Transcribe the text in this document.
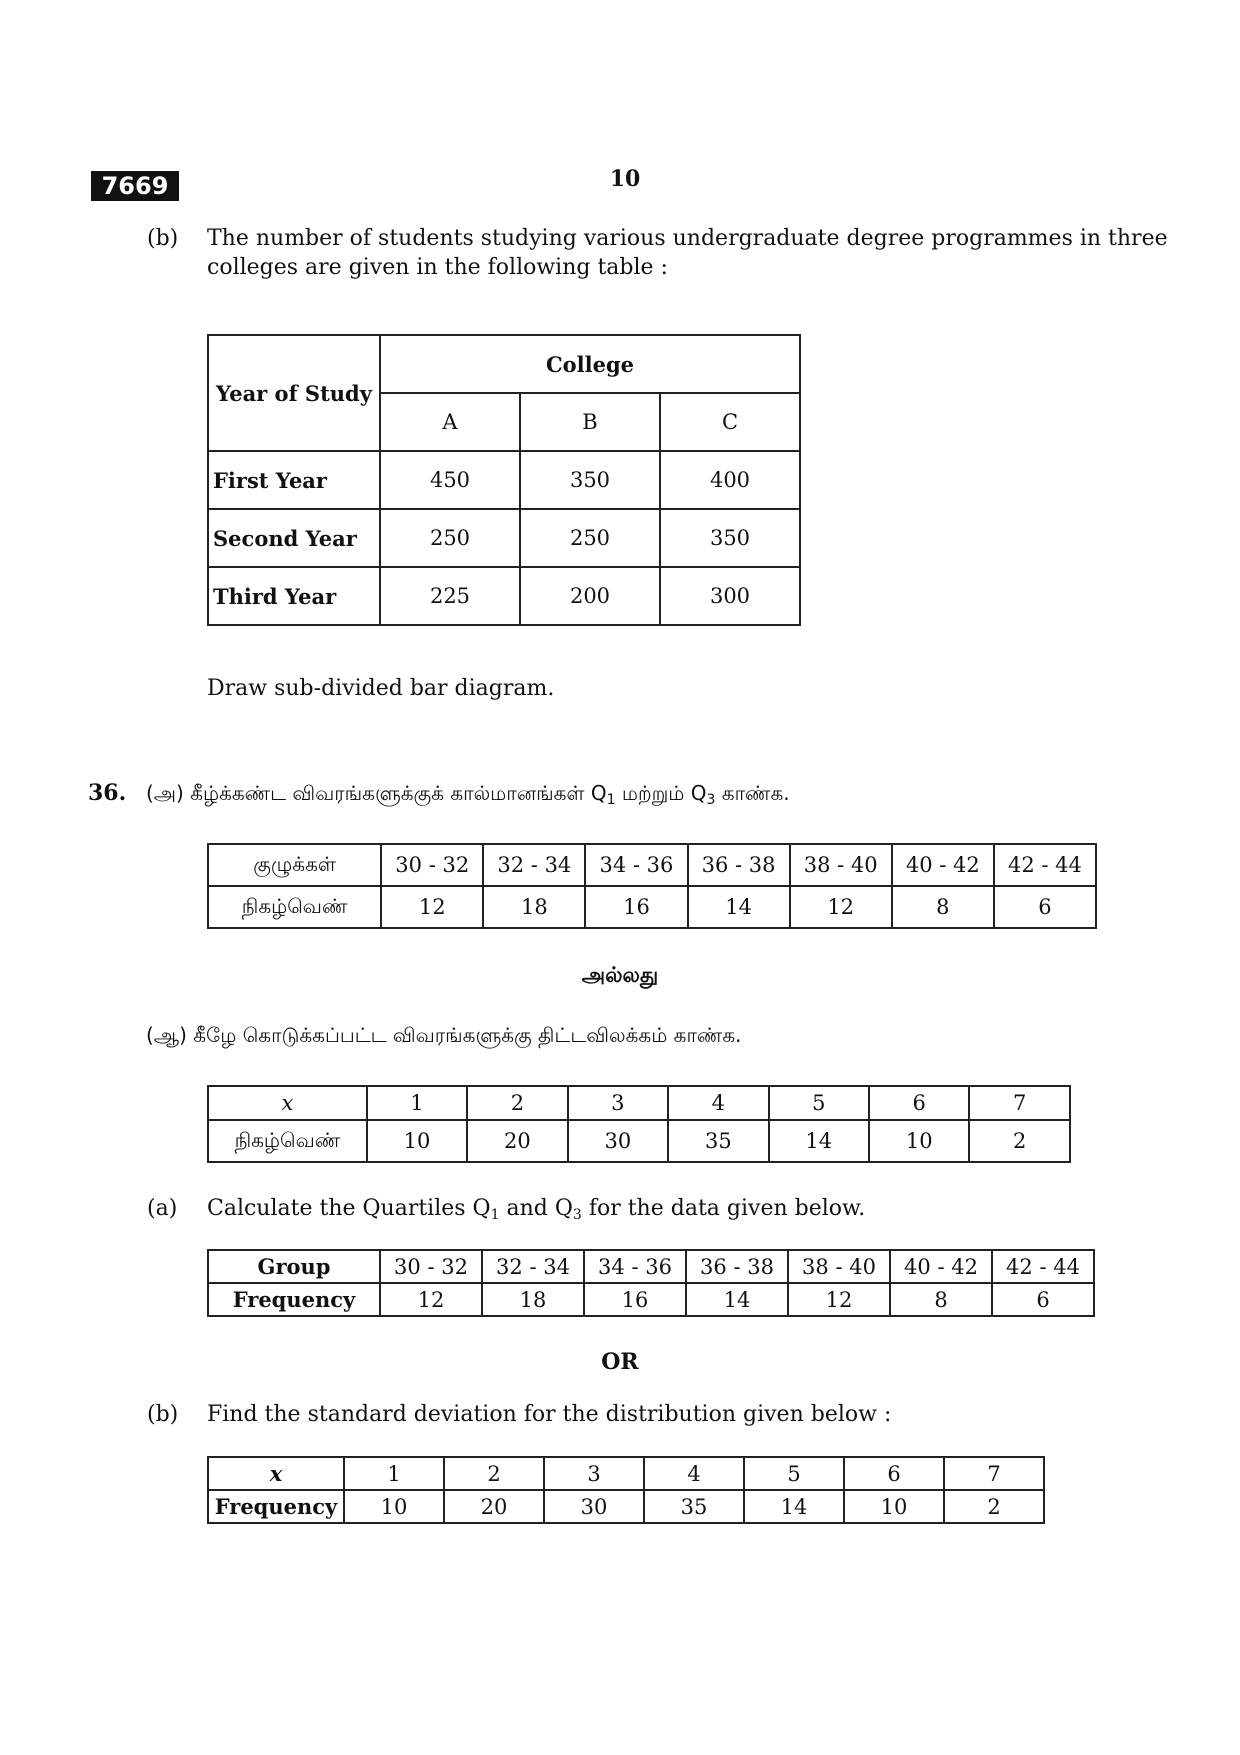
7669	10
(b) The number of students studying various undergraduate degree programmes in three
colleges are given in the following table :
Year of Study	College		
	A	B	C
First Year	450	350	400
Second Year	250	250	350
Third Year	225	200	300
Draw sub-divided bar diagram.
36. (அ) கீழ்க்கண்ட விவரங்களுக்குக் கால்மானங்கள் $Q_1$ மற்றும் $Q_3$ காண்க.
குழுக்கள்	30 - 32	32 - 34	34 - 36	36 - 38	38 - 40	40 - 42	42 - 44
நிகழ்வெண்	12	18	16	14	12	8	6
அல்லது
(ஆ) கீழே கொடுக்கப்பட்ட விவரங்களுக்கு திட்டவிலக்கம் காண்க.
x	1	2	3	4	5	6	7
நிகழ்வெண்	10	20	30	35	14	10	2
(a) Calculate the Quartiles $Q_1$ and $Q_3$ for the data given below.
Group	30 - 32	32 - 34	34 - 36	36 - 38	38 - 40	40 - 42	42 - 44
Frequency	12	18	16	14	12	8	6
OR
(b) Find the standard deviation for the distribution given below :
x	1	2	3	4	5	6	7
Frequency	10	20	30	35	14	10	2
